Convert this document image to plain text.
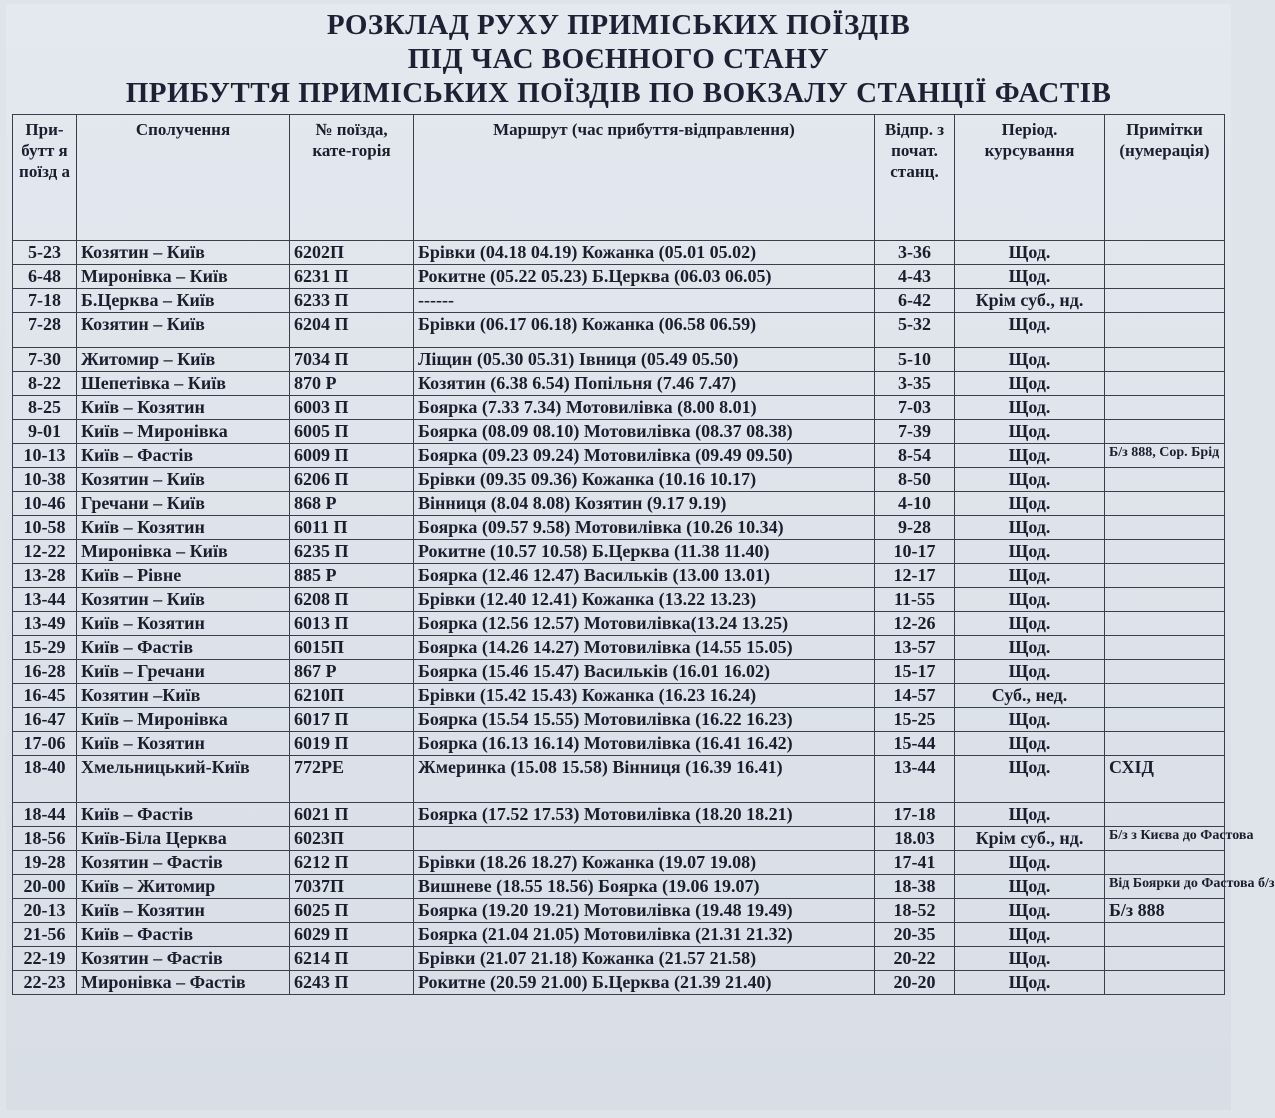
РОЗКЛАД РУХУ ПРИМІСЬКИХ ПОЇЗДІВ
ПІД ЧАС ВОЄННОГО СТАНУ
ПРИБУТТЯ ПРИМІСЬКИХ ПОЇЗДІВ ПО ВОКЗАЛУ СТАНЦІЇ ФАСТІВ
При-бутт я поїзд а	Сполучення	№ поїзда, кате-горія	Маршрут (час прибуття-відправлення)	Відпр. з почат. станц.	Період. курсування	Примітки (нумерація)
5-23	Козятин – Київ	6202П	Брівки (04.18 04.19) Кожанка (05.01 05.02)	3-36	Щод.	
6-48	Миронівка – Київ	6231 П	Рокитне (05.22 05.23) Б.Церква (06.03 06.05)	4-43	Щод.	
7-18	Б.Церква – Київ	6233 П	------	6-42	Крім суб., нд.	
7-28	Козятин – Київ	6204 П	Брівки (06.17 06.18) Кожанка (06.58 06.59)	5-32	Щод.	
7-30	Житомир – Київ	7034 П	Ліщин (05.30 05.31) Івниця (05.49 05.50)	5-10	Щод.	
8-22	Шепетівка – Київ	870 Р	Козятин (6.38 6.54) Попільня (7.46 7.47)	3-35	Щод.	
8-25	Київ – Козятин	6003 П	Боярка (7.33 7.34) Мотовилівка (8.00 8.01)	7-03	Щод.	
9-01	Київ – Миронівка	6005 П	Боярка (08.09 08.10) Мотовилівка (08.37 08.38)	7-39	Щод.	
10-13	Київ – Фастів	6009 П	Боярка (09.23 09.24) Мотовилівка (09.49 09.50)	8-54	Щод.	Б/з 888, Сор. Брід
10-38	Козятин – Київ	6206 П	Брівки (09.35 09.36) Кожанка (10.16 10.17)	8-50	Щод.	
10-46	Гречани – Київ	868 Р	Вінниця (8.04 8.08) Козятин (9.17 9.19)	4-10	Щод.	
10-58	Київ – Козятин	6011 П	Боярка (09.57 9.58) Мотовилівка (10.26 10.34)	9-28	Щод.	
12-22	Миронівка – Київ	6235 П	Рокитне (10.57 10.58) Б.Церква (11.38 11.40)	10-17	Щод.	
13-28	Київ – Рівне	885 Р	Боярка (12.46 12.47) Васильків (13.00 13.01)	12-17	Щод.	
13-44	Козятин – Київ	6208 П	Брівки (12.40 12.41) Кожанка (13.22 13.23)	11-55	Щод.	
13-49	Київ – Козятин	6013 П	Боярка (12.56 12.57) Мотовилівка(13.24 13.25)	12-26	Щод.	
15-29	Київ – Фастів	6015П	Боярка (14.26 14.27) Мотовилівка (14.55 15.05)	13-57	Щод.	
16-28	Київ – Гречани	867 Р	Боярка (15.46 15.47) Васильків (16.01 16.02)	15-17	Щод.	
16-45	Козятин –Київ	6210П	Брівки (15.42 15.43) Кожанка (16.23 16.24)	14-57	Суб., нед.	
16-47	Київ – Миронівка	6017 П	Боярка (15.54 15.55) Мотовилівка (16.22 16.23)	15-25	Щод.	
17-06	Київ – Козятин	6019 П	Боярка (16.13 16.14) Мотовилівка (16.41 16.42)	15-44	Щод.	
18-40	Хмельницький-Київ	772РЕ	Жмеринка (15.08 15.58) Вінниця (16.39 16.41)	13-44	Щод.	СХІД
18-44	Київ – Фастів	6021 П	Боярка (17.52 17.53) Мотовилівка (18.20 18.21)	17-18	Щод.	
18-56	Київ-Біла Церква	6023П		18.03	Крім суб., нд.	Б/з з Києва до Фастова
19-28	Козятин – Фастів	6212 П	Брівки (18.26 18.27) Кожанка (19.07 19.08)	17-41	Щод.	
20-00	Київ – Житомир	7037П	Вишневе (18.55 18.56) Боярка (19.06 19.07)	18-38	Щод.	Від Боярки до Фастова б/з
20-13	Київ – Козятин	6025 П	Боярка (19.20 19.21) Мотовилівка (19.48 19.49)	18-52	Щод.	Б/з 888
21-56	Київ – Фастів	6029 П	Боярка (21.04 21.05) Мотовилівка (21.31 21.32)	20-35	Щод.	
22-19	Козятин – Фастів	6214 П	Брівки (21.07 21.18) Кожанка (21.57 21.58)	20-22	Щод.	
22-23	Миронівка – Фастів	6243 П	Рокитне (20.59 21.00) Б.Церква (21.39 21.40)	20-20	Щод.	
